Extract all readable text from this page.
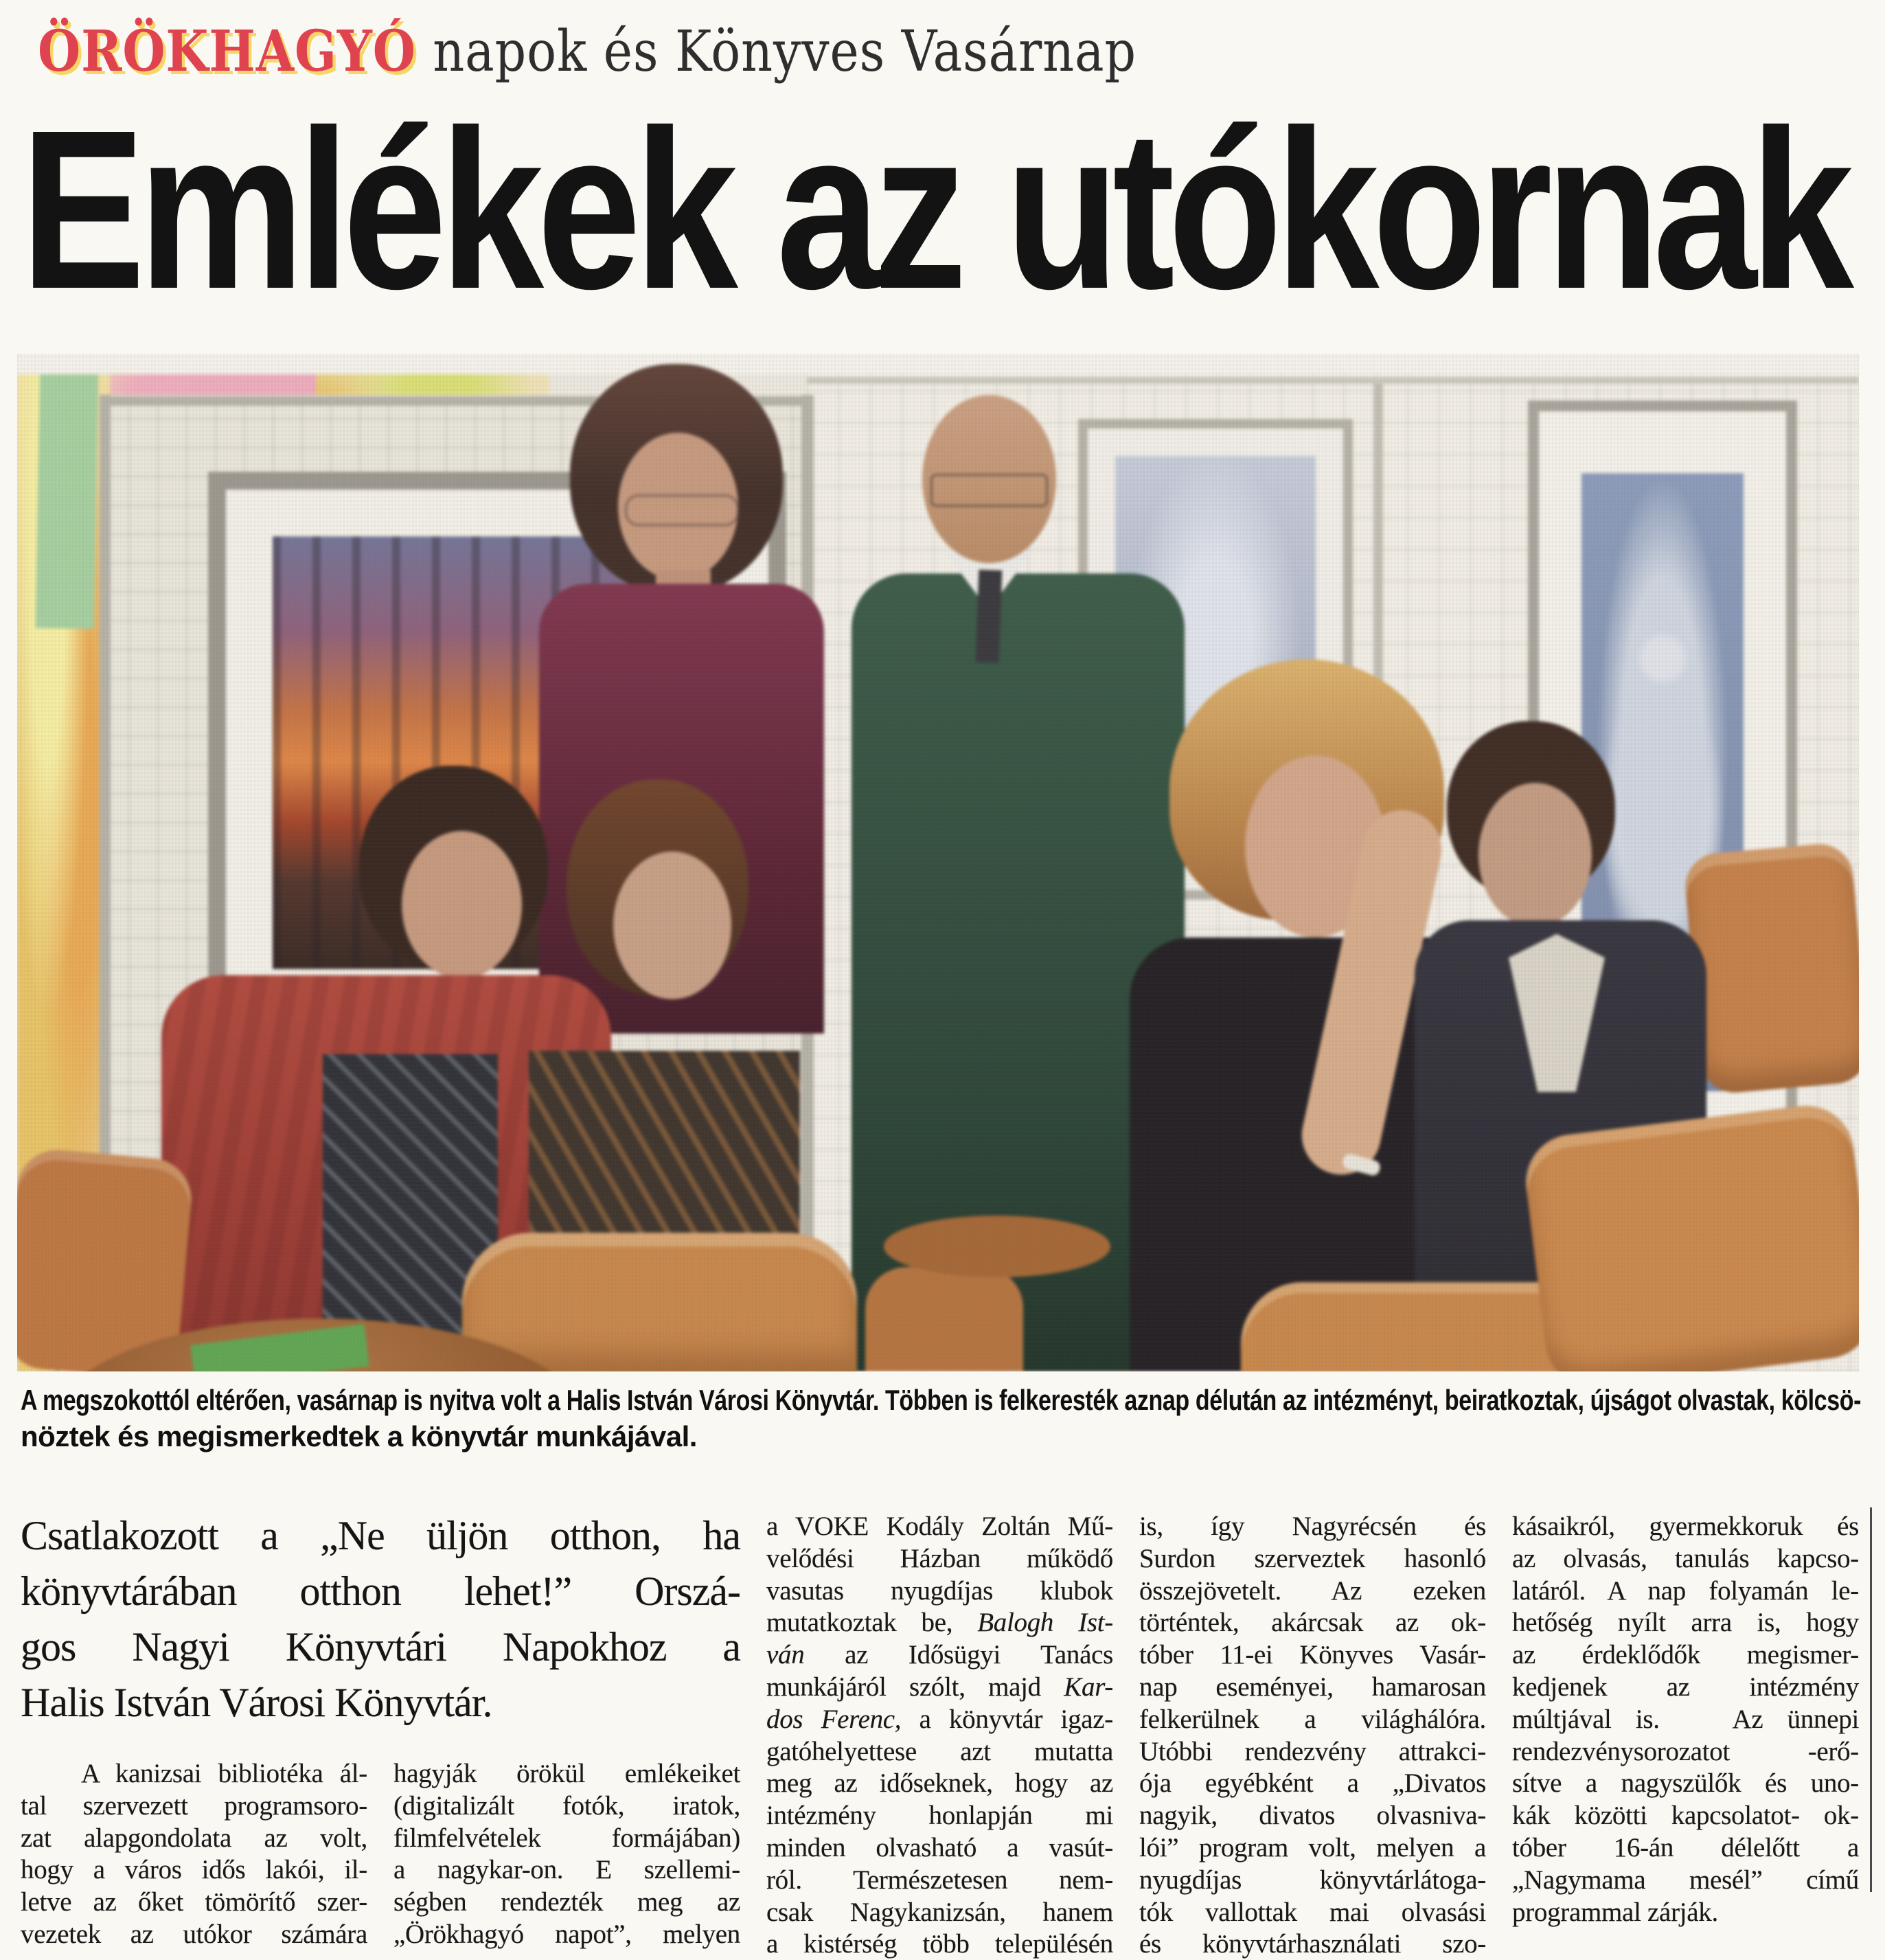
ÖRÖKHAGYÓ napok és Könyves Vasárnap
Emlékek az utókornak

A megszokottól eltérően, vasárnap is nyitva volt a Halis István Városi Könyvtár. Többen is felkeresték aznap délután az intézményt, beiratkoztak, újságot olvastak, kölcsö-
nöztek és megismerkedtek a könyvtár munkájával.

Csatlakozott a „Ne üljön otthon, ha
könyvtárában otthon lehet!” Orszá-
gos Nagyi Könyvtári Napokhoz a
Halis István Városi Könyvtár.
A kanizsai bibliotéka ál-
tal szervezett programsoro-
zat alapgondolata az volt,
hogy a város idős lakói, il-
letve az őket tömörítő szer-
vezetek az utókor számára
hagyják örökül emlékeiket
(digitalizált fotók, iratok,
filmfelvételek formájában)
a nagykar-on. E szellemi-
ségben rendezték meg az
„Örökhagyó napot”, melyen
a VOKE Kodály Zoltán Mű-
velődési Házban működő
vasutas nyugdíjas klubok
mutatkoztak be, Balogh Ist-
ván az Idősügyi Tanács
munkájáról szólt, majd Kar-
dos Ferenc, a könyvtár igaz-
gatóhelyettese azt mutatta
meg az időseknek, hogy az
intézmény honlapján mi
minden olvasható a vasút-
ról. Természetesen nem-
csak Nagykanizsán, hanem
a kistérség több településén
is, így Nagyrécsén és
Surdon szerveztek hasonló
összejövetelt. Az ezeken
történtek, akárcsak az ok-
tóber 11-ei Könyves Vasár-
nap eseményei, hamarosan
felkerülnek a világhálóra.
Utóbbi rendezvény attrakci-
ója egyébként a „Divatos
nagyik, divatos olvasniva-
lói” program volt, melyen a
nyugdíjas könyvtárlátoga-
tók vallottak mai olvasási
és könyvtárhasználati szo-
kásaikról, gyermekkoruk és
az olvasás, tanulás kapcso-
latáról. A nap folyamán le-
hetőség nyílt arra is, hogy
az érdeklődők megismer-
kedjenek az intézmény
múltjával is.   Az ünnepi
rendezvénysorozatot -erő-
sítve a nagyszülők és uno-
kák közötti kapcsolatot- ok-
tóber 16-án délelőtt a
„Nagymama mesél” című
programmal zárják.
